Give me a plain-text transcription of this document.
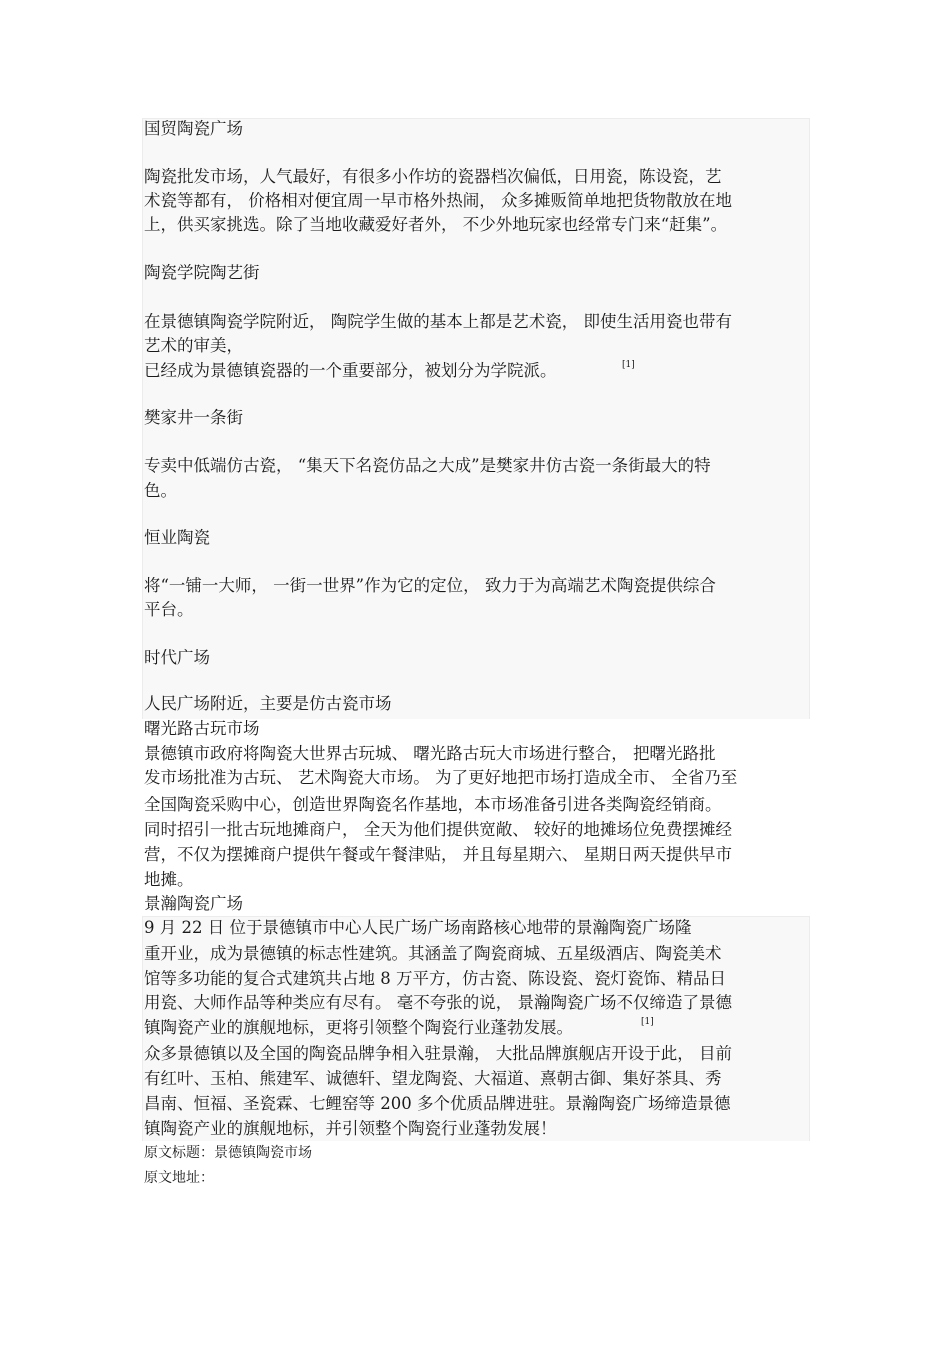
国贸陶瓷广场
陶瓷批发市场，人气最好，有很多小作坊的瓷器档次偏低，日用瓷，陈设瓷，艺
术瓷等都有， 价格相对便宜周一早市格外热闹， 众多摊贩简单地把货物散放在地
上，供买家挑选。除了当地收藏爱好者外， 不少外地玩家也经常专门来“赶集”。
陶瓷学院陶艺街
在景德镇陶瓷学院附近， 陶院学生做的基本上都是艺术瓷， 即使生活用瓷也带有
艺术的审美，
已经成为景德镇瓷器的一个重要部分，被划分为学院派。	[1]
樊家井一条街
专卖中低端仿古瓷， “集天下名瓷仿品之大成”是樊家井仿古瓷一条街最大的特
色。
恒业陶瓷
将“一铺一大师， 一街一世界”作为它的定位， 致力于为高端艺术陶瓷提供综合
平台。
时代广场
人民广场附近，主要是仿古瓷市场
曙光路古玩市场
景德镇市政府将陶瓷大世界古玩城、 曙光路古玩大市场进行整合， 把曙光路批
发市场批准为古玩、 艺术陶瓷大市场。 为了更好地把市场打造成全市、 全省乃至
全国陶瓷采购中心，创造世界陶瓷名作基地，本市场准备引进各类陶瓷经销商。
同时招引一批古玩地摊商户， 全天为他们提供宽敞、 较好的地摊场位免费摆摊经
营，不仅为摆摊商户提供午餐或午餐津贴， 并且每星期六、 星期日两天提供早市
地摊。
景瀚陶瓷广场
9 月 22 日 位于景德镇市中心人民广场广场南路核心地带的景瀚陶瓷广场隆
重开业，成为景德镇的标志性建筑。其涵盖了陶瓷商城、五星级酒店、陶瓷美术
馆等多功能的复合式建筑共占地 8 万平方，仿古瓷、陈设瓷、瓷灯瓷饰、精品日
用瓷、大师作品等种类应有尽有。 毫不夸张的说， 景瀚陶瓷广场不仅缔造了景德
镇陶瓷产业的旗舰地标，更将引领整个陶瓷行业蓬勃发展。	[1]
众多景德镇以及全国的陶瓷品牌争相入驻景瀚， 大批品牌旗舰店开设于此， 目前
有红叶、玉柏、熊建军、诚德轩、望龙陶瓷、大福道、熹朝古御、集好茶具、秀
昌南、恒福、圣瓷霖、七鲤窑等 200 多个优质品牌进驻。景瀚陶瓷广场缔造景德
镇陶瓷产业的旗舰地标，并引领整个陶瓷行业蓬勃发展！
原文标题：景德镇陶瓷市场
原文地址：
